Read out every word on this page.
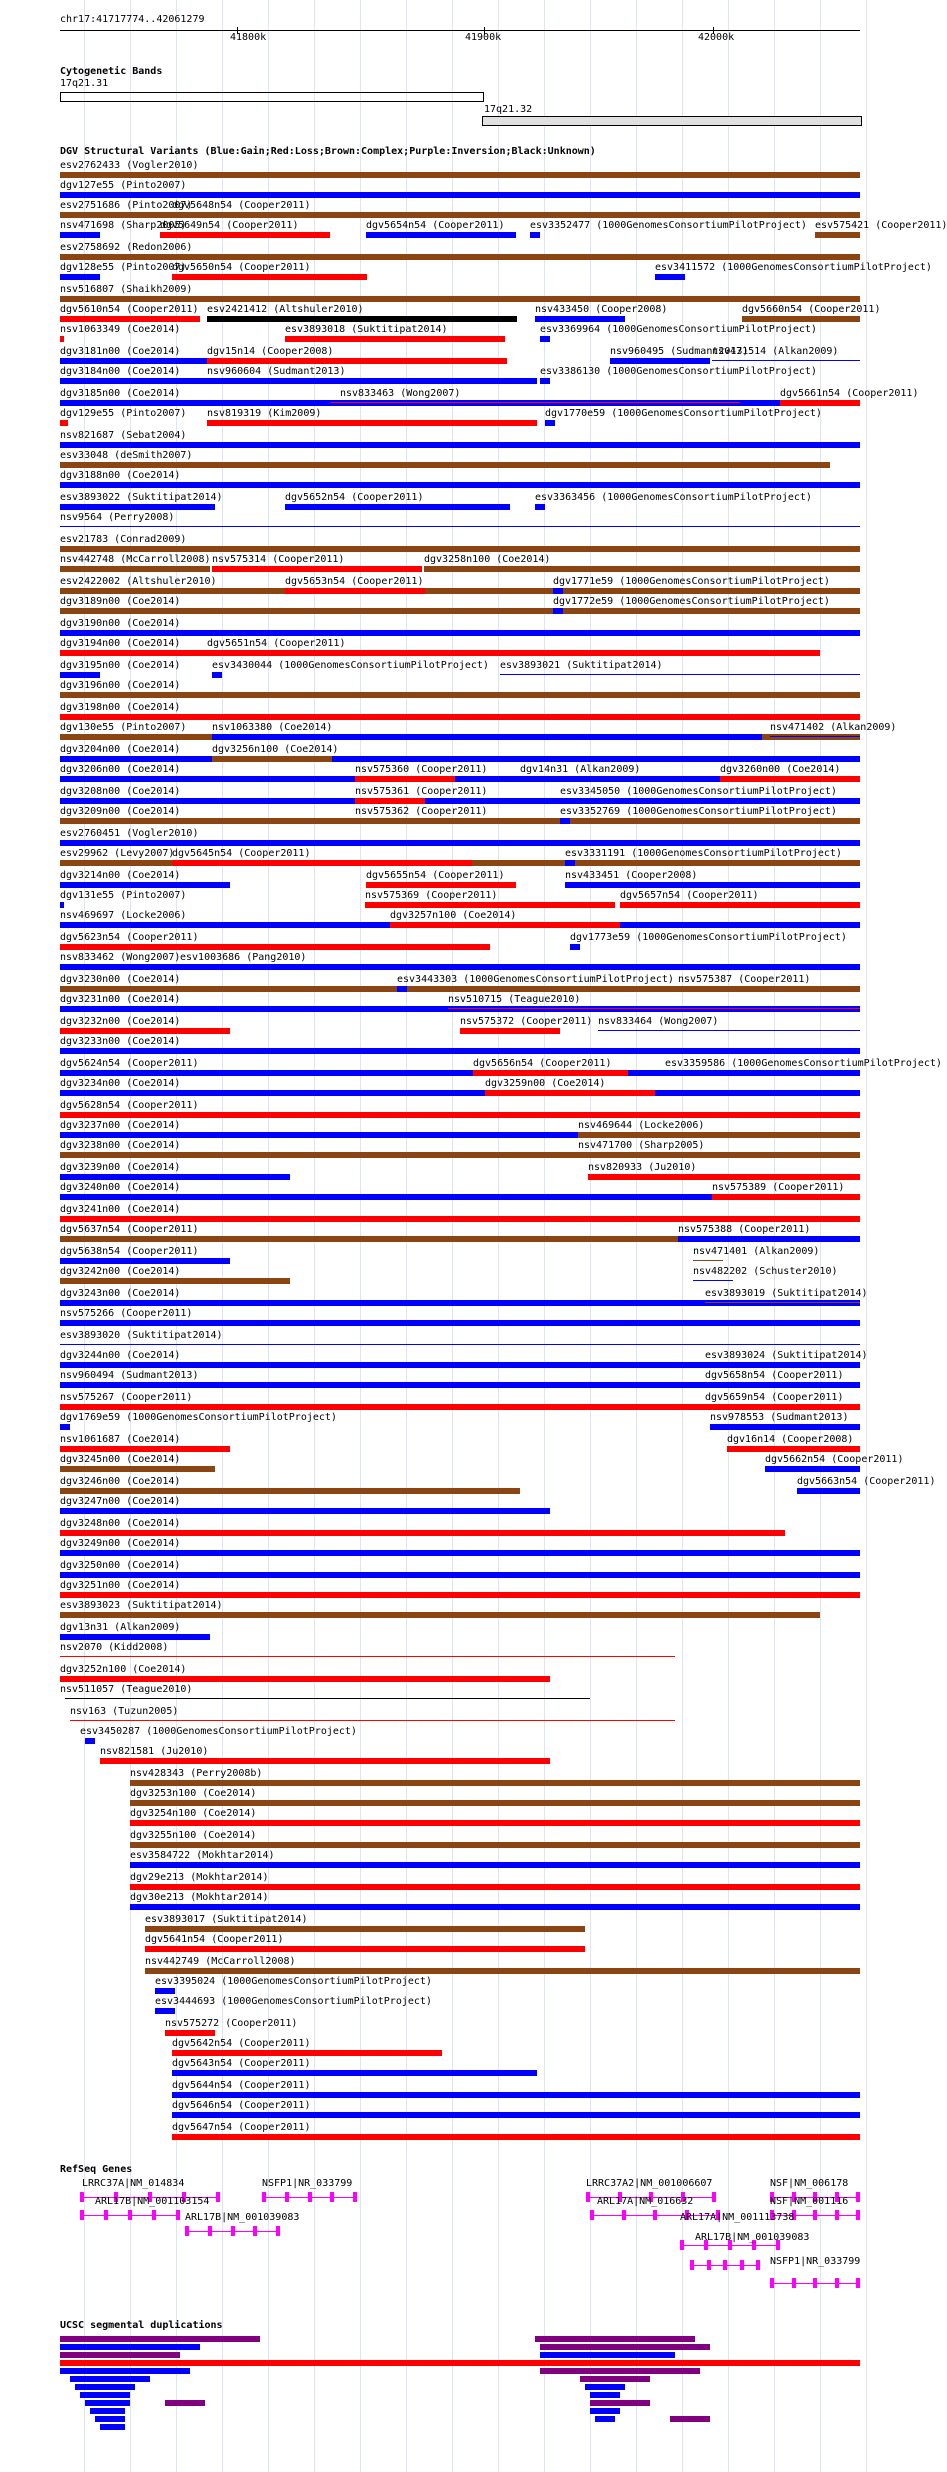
chr17:41717774..42061279
41800k	41900k	42000k
Cytogenetic Bands
17q21.31
17q21.32
DGV Structural Variants (Blue:Gain;Red:Loss;Brown:Complex;Purple:Inversion;Black:Unknown)
esv2762433 (Vogler2010)
dgv127e55 (Pinto2007)
esv2751686 (Pinto2007)
dgv5648n54 (Cooper2011)
nsv471698 (Sharp2005)
dgv5649n54 (Cooper2011)	dgv5654n54 (Cooper2011)	esv3352477 (1000GenomesConsortiumPilotProject) esv575421 (Cooper2011)
esv2758692 (Redon2006)
dgv128e55 (Pinto2007)
dgv5650n54 (Cooper2011)	esv3411572 (1000GenomesConsortiumPilotProject)
nsv516807 (Shaikh2009)
dgv5610n54 (Cooper2011) esv2421412 (Altshuler2010)	nsv433450 (Cooper2008)	dgv5660n54 (Cooper2011)
nsv1063349 (Coe2014)	esv3893018 (Suktitipat2014)	esv3369964 (1000GenomesConsortiumPilotProject)
dgv3181n00 (Coe2014)	dgv15n14 (Cooper2008)	nsv960495 (Sudmant2013)
nsv471514 (Alkan2009)
dgv3184n00 (Coe2014)	nsv960604 (Sudmant2013)	esv3386130 (1000GenomesConsortiumPilotProject)
dgv3185n00 (Coe2014)	nsv833463 (Wong2007)	dgv5661n54 (Cooper2011)
dgv129e55 (Pinto2007) nsv819319 (Kim2009)	dgv1770e59 (1000GenomesConsortiumPilotProject)
nsv821687 (Sebat2004)
esv33048 (deSmith2007)
dgv3188n00 (Coe2014)
esv3893022 (Suktitipat2014)	dgv5652n54 (Cooper2011)	esv3363456 (1000GenomesConsortiumPilotProject)
nsv9564 (Perry2008)
esv21783 (Conrad2009)
nsv442748 (McCarroll2008) nsv575314 (Cooper2011)	dgv3258n100 (Coe2014)
esv2422002 (Altshuler2010)	dgv5653n54 (Cooper2011)	dgv1771e59 (1000GenomesConsortiumPilotProject)
dgv3189n00 (Coe2014)	dgv1772e59 (1000GenomesConsortiumPilotProject)
dgv3190n00 (Coe2014)
dgv3194n00 (Coe2014)	dgv5651n54 (Cooper2011)
dgv3195n00 (Coe2014)	esv3430044 (1000GenomesConsortiumPilotProject) esv3893021 (Suktitipat2014)
dgv3196n00 (Coe2014)
dgv3198n00 (Coe2014)
dgv130e55 (Pinto2007)	nsv1063380 (Coe2014)	nsv471402 (Alkan2009)
dgv3204n00 (Coe2014)	dgv3256n100 (Coe2014)
dgv3206n00 (Coe2014)	nsv575360 (Cooper2011)	dgv14n31 (Alkan2009)	dgv3260n00 (Coe2014)
dgv3208n00 (Coe2014)	nsv575361 (Cooper2011)	esv3345050 (1000GenomesConsortiumPilotProject)
dgv3209n00 (Coe2014)	nsv575362 (Cooper2011)	esv3352769 (1000GenomesConsortiumPilotProject)
esv2760451 (Vogler2010)
esv29962 (Levy2007)
dgv5645n54 (Cooper2011)	esv3331191 (1000GenomesConsortiumPilotProject)
dgv3214n00 (Coe2014)	dgv5655n54 (Cooper2011)	nsv433451 (Cooper2008)
dgv131e55 (Pinto2007)	nsv575369 (Cooper2011)	dgv5657n54 (Cooper2011)
nsv469697 (Locke2006)	dgv3257n100 (Coe2014)
dgv5623n54 (Cooper2011)	dgv1773e59 (1000GenomesConsortiumPilotProject)
nsv833462 (Wong2007) esv1003686 (Pang2010)
dgv3230n00 (Coe2014)	esv3443303 (1000GenomesConsortiumPilotProject) nsv575387 (Cooper2011)
dgv3231n00 (Coe2014)	nsv510715 (Teague2010)
dgv3232n00 (Coe2014)	nsv575372 (Cooper2011) nsv833464 (Wong2007)
dgv3233n00 (Coe2014)
dgv5624n54 (Cooper2011)	dgv5656n54 (Cooper2011)	esv3359586 (1000GenomesConsortiumPilotProject)
dgv3234n00 (Coe2014)	dgv3259n00 (Coe2014)
dgv5628n54 (Cooper2011)
dgv3237n00 (Coe2014)	nsv469644 (Locke2006)
dgv3238n00 (Coe2014)	nsv471700 (Sharp2005)
dgv3239n00 (Coe2014)	nsv820933 (Ju2010)
dgv3240n00 (Coe2014)	nsv575389 (Cooper2011)
dgv3241n00 (Coe2014)
dgv5637n54 (Cooper2011)	nsv575388 (Cooper2011)
dgv5638n54 (Cooper2011)	nsv471401 (Alkan2009)
dgv3242n00 (Coe2014)	nsv482202 (Schuster2010)
dgv3243n00 (Coe2014)	esv3893019 (Suktitipat2014)
nsv575266 (Cooper2011)
esv3893020 (Suktitipat2014)
dgv3244n00 (Coe2014)	esv3893024 (Suktitipat2014)
nsv960494 (Sudmant2013)	dgv5658n54 (Cooper2011)
nsv575267 (Cooper2011)	dgv5659n54 (Cooper2011)
dgv1769e59 (1000GenomesConsortiumPilotProject)	nsv978553 (Sudmant2013)
nsv1061687 (Coe2014)	dgv16n14 (Cooper2008)
dgv3245n00 (Coe2014)	dgv5662n54 (Cooper2011)
dgv3246n00 (Coe2014)	dgv5663n54 (Cooper2011)
dgv3247n00 (Coe2014)
dgv3248n00 (Coe2014)
dgv3249n00 (Coe2014)
dgv3250n00 (Coe2014)
dgv3251n00 (Coe2014)
esv3893023 (Suktitipat2014)
dgv13n31 (Alkan2009)
nsv2070 (Kidd2008)
dgv3252n100 (Coe2014)
nsv511057 (Teague2010)
nsv163 (Tuzun2005)
esv3450287 (1000GenomesConsortiumPilotProject)
nsv821581 (Ju2010)
nsv428343 (Perry2008b)
dgv3253n100 (Coe2014)
dgv3254n100 (Coe2014)
dgv3255n100 (Coe2014)
esv3584722 (Mokhtar2014)
dgv29e213 (Mokhtar2014)
dgv30e213 (Mokhtar2014)
esv3893017 (Suktitipat2014)
dgv5641n54 (Cooper2011)
nsv442749 (McCarroll2008)
esv3395024 (1000GenomesConsortiumPilotProject)
esv3444693 (1000GenomesConsortiumPilotProject)
nsv575272 (Cooper2011)
dgv5642n54 (Cooper2011)
dgv5643n54 (Cooper2011)
dgv5644n54 (Cooper2011)
dgv5646n54 (Cooper2011)
dgv5647n54 (Cooper2011)
RefSeq Genes
LRRC37A|NM_014834	NSFP1|NR_033799	LRRC37A2|NM_001006607	NSF|NM_006178
ARL17B|NM_001103154	ARL17A|NM_016632	NSF|NM_001116
ARL17B|NM_001039083	ARL17A|NM_001113738
ARL17B|NM_001039083
NSFP1|NR_033799
UCSC segmental duplications
